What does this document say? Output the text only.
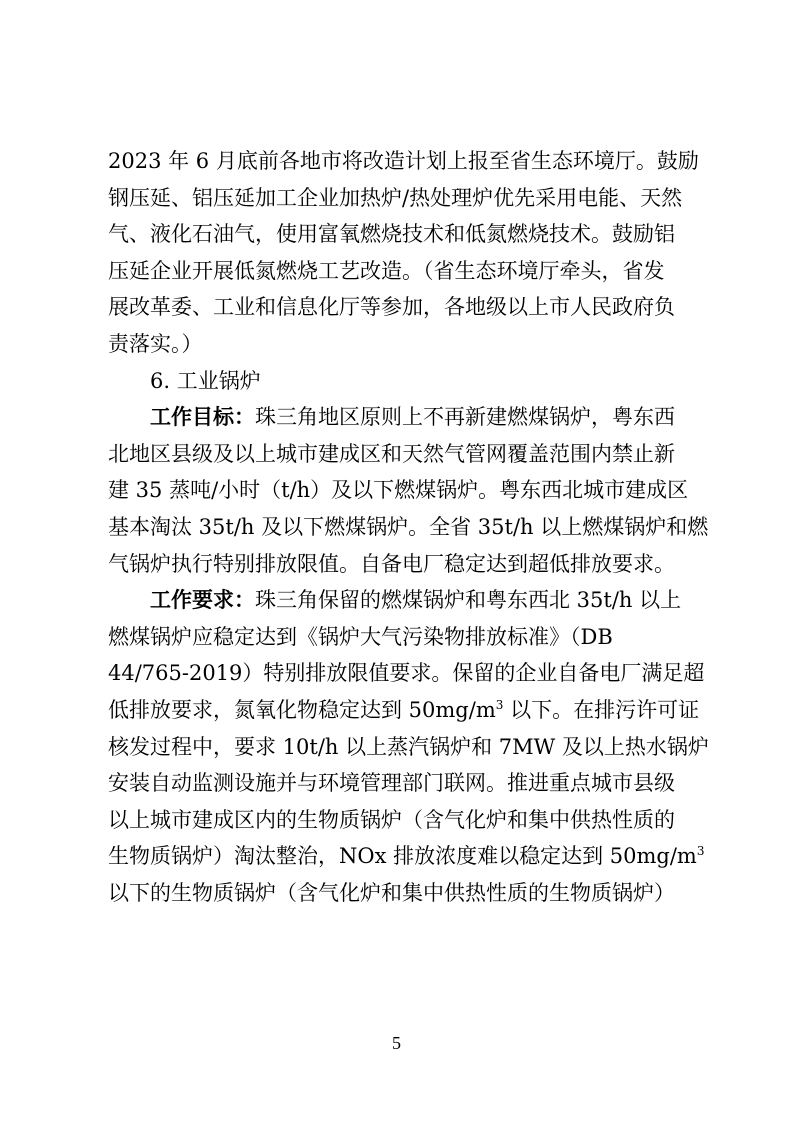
2023 年 6 月底前各地市将改造计划上报至省生态环境厅。鼓励
钢压延、铝压延加工企业加热炉/热处理炉优先采用电能、天然
气、液化石油气，使用富氧燃烧技术和低氮燃烧技术。鼓励铝
压延企业开展低氮燃烧工艺改造。（省生态环境厅牵头，省发
展改革委、工业和信息化厅等参加，各地级以上市人民政府负
责落实。）
6. 工业锅炉
工作目标：珠三角地区原则上不再新建燃煤锅炉，粤东西
北地区县级及以上城市建成区和天然气管网覆盖范围内禁止新
建 35 蒸吨/小时（t/h）及以下燃煤锅炉。粤东西北城市建成区
基本淘汰 35t/h 及以下燃煤锅炉。全省 35t/h 以上燃煤锅炉和燃
气锅炉执行特别排放限值。自备电厂稳定达到超低排放要求。
工作要求：珠三角保留的燃煤锅炉和粤东西北 35t/h 以上
燃煤锅炉应稳定达到《锅炉大气污染物排放标准》（DB
44/765-2019）特别排放限值要求。保留的企业自备电厂满足超
低排放要求，氮氧化物稳定达到 $50mg/m^3$ 以下。在排污许可证
核发过程中，要求 10t/h 以上蒸汽锅炉和 7MW 及以上热水锅炉
安装自动监测设施并与环境管理部门联网。推进重点城市县级
以上城市建成区内的生物质锅炉（含气化炉和集中供热性质的
生物质锅炉）淘汰整治，NOx 排放浓度难以稳定达到 $50mg/m^3$
以下的生物质锅炉（含气化炉和集中供热性质的生物质锅炉）
5
